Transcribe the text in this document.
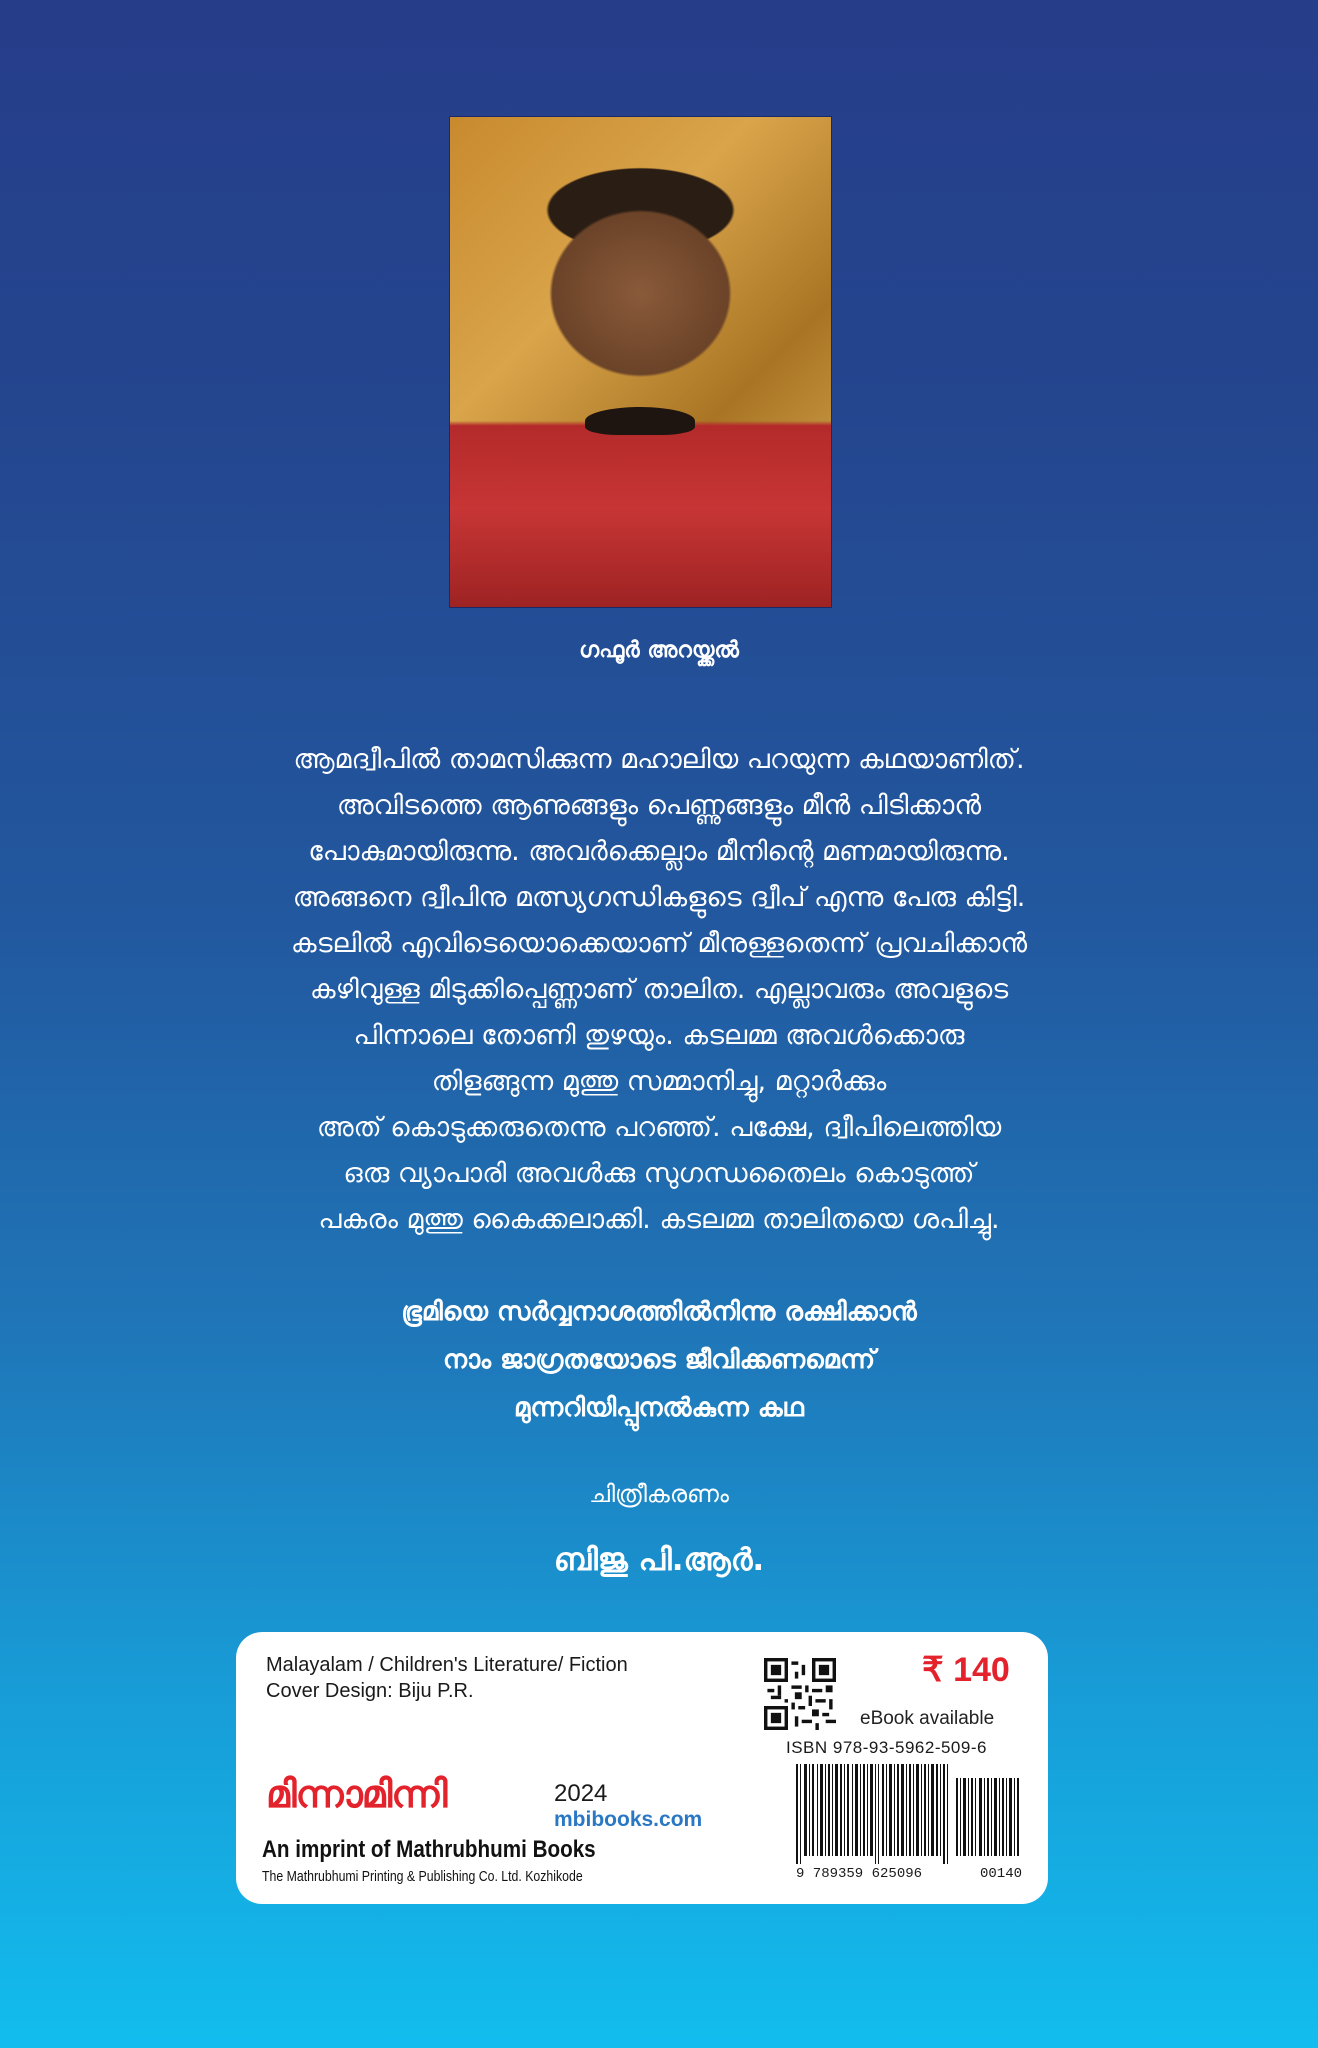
ഗഫൂർ അറയ്ക്കൽ
ആമദ്വീപിൽ താമസിക്കുന്ന മഹാലിയ പറയുന്ന കഥയാണിത്.
അവിടത്തെ ആണുങ്ങളും പെണ്ണുങ്ങളും മീൻ പിടിക്കാൻ
പോകുമായിരുന്നു. അവർക്കെല്ലാം മീനിന്റെ മണമായിരുന്നു.
അങ്ങനെ ദ്വീപിനു മത്സ്യഗന്ധികളുടെ ദ്വീപ് എന്നു പേരു കിട്ടി.
കടലിൽ എവിടെയൊക്കെയാണ് മീനുള്ളതെന്ന് പ്രവചിക്കാൻ
കഴിവുള്ള മിടുക്കിപ്പെണ്ണാണ് താലിത. എല്ലാവരും അവളുടെ
പിന്നാലെ തോണി തുഴയും. കടലമ്മ അവൾക്കൊരു
തിളങ്ങുന്ന മുത്തു സമ്മാനിച്ചു, മറ്റാർക്കും
അത് കൊടുക്കരുതെന്നു പറഞ്ഞ്. പക്ഷേ, ദ്വീപിലെത്തിയ
ഒരു വ്യാപാരി അവൾക്കു സുഗന്ധതൈലം കൊടുത്ത്
പകരം മുത്തു കൈക്കലാക്കി. കടലമ്മ താലിതയെ ശപിച്ചു.
ഭൂമിയെ സർവ്വനാശത്തിൽനിന്നു രക്ഷിക്കാൻ
നാം ജാഗ്രതയോടെ ജീവിക്കണമെന്ന്
മുന്നറിയിപ്പുനൽകുന്ന കഥ
ചിത്രീകരണം
ബിജു പി.ആർ.
Malayalam / Children's Literature/ Fiction
Cover Design: Biju P.R.
₹ 140
eBook available
ISBN 978-93-5962-509-6
9 789359 625096	00140
മിന്നാമിന്നി	2024
mbibooks.com
An imprint of Mathrubhumi Books
The Mathrubhumi Printing & Publishing Co. Ltd. Kozhikode
